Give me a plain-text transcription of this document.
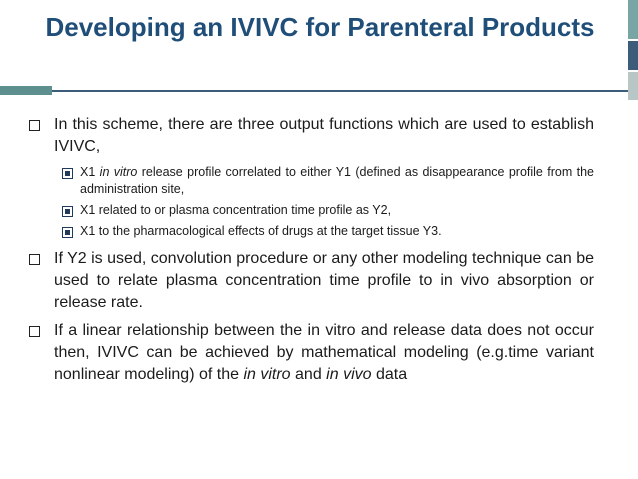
Developing an IVIVC for Parenteral Products
In this scheme, there are three output functions which are used to establish IVIVC,
X1 in vitro release profile correlated to either Y1 (defined as disappearance profile from the administration site,
X1 related to or plasma concentration time profile as Y2,
X1 to the pharmacological effects of drugs at the target tissue Y3.
If Y2 is used, convolution procedure or any other modeling technique can be used to relate plasma concentration time profile to in vivo absorption or release rate.
If a linear relationship between the in vitro and release data does not occur then, IVIVC can be achieved by mathematical modeling (e.g.time variant nonlinear modeling) of the in vitro and in vivo data
